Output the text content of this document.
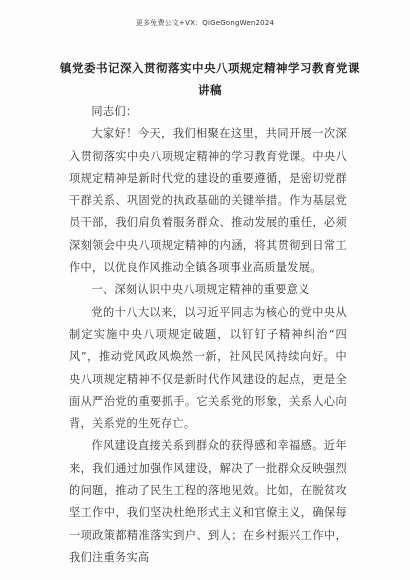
更多免费公文+VX：QiGeGongWen2024
镇党委书记深入贯彻落实中央八项规定精神学习教育党课讲稿

同志们：

大家好！今天，我们相聚在这里，共同开展一次深入贯彻落实中央八项规定精神的学习教育党课。中央八项规定精神是新时代党的建设的重要遵循，是密切党群干群关系、巩固党的执政基础的关键举措。作为基层党员干部，我们肩负着服务群众、推动发展的重任，必须深刻领会中央八项规定精神的内涵，将其贯彻到日常工作中，以优良作风推动全镇各项事业高质量发展。

一、深刻认识中央八项规定精神的重要意义

党的十八大以来，以习近平同志为核心的党中央从制定实施中央八项规定破题，以钉钉子精神纠治“四风”，推动党风政风焕然一新，社风民风持续向好。中央八项规定精神不仅是新时代作风建设的起点，更是全面从严治党的重要抓手。它关系党的形象，关系人心向背，关系党的生死存亡。

作风建设直接关系到群众的获得感和幸福感。近年来，我们通过加强作风建设，解决了一批群众反映强烈的问题，推动了民生工程的落地见效。比如，在脱贫攻坚工作中，我们坚决杜绝形式主义和官僚主义，确保每一项政策都精准落实到户、到人；在乡村振兴工作中，我们注重务实高
